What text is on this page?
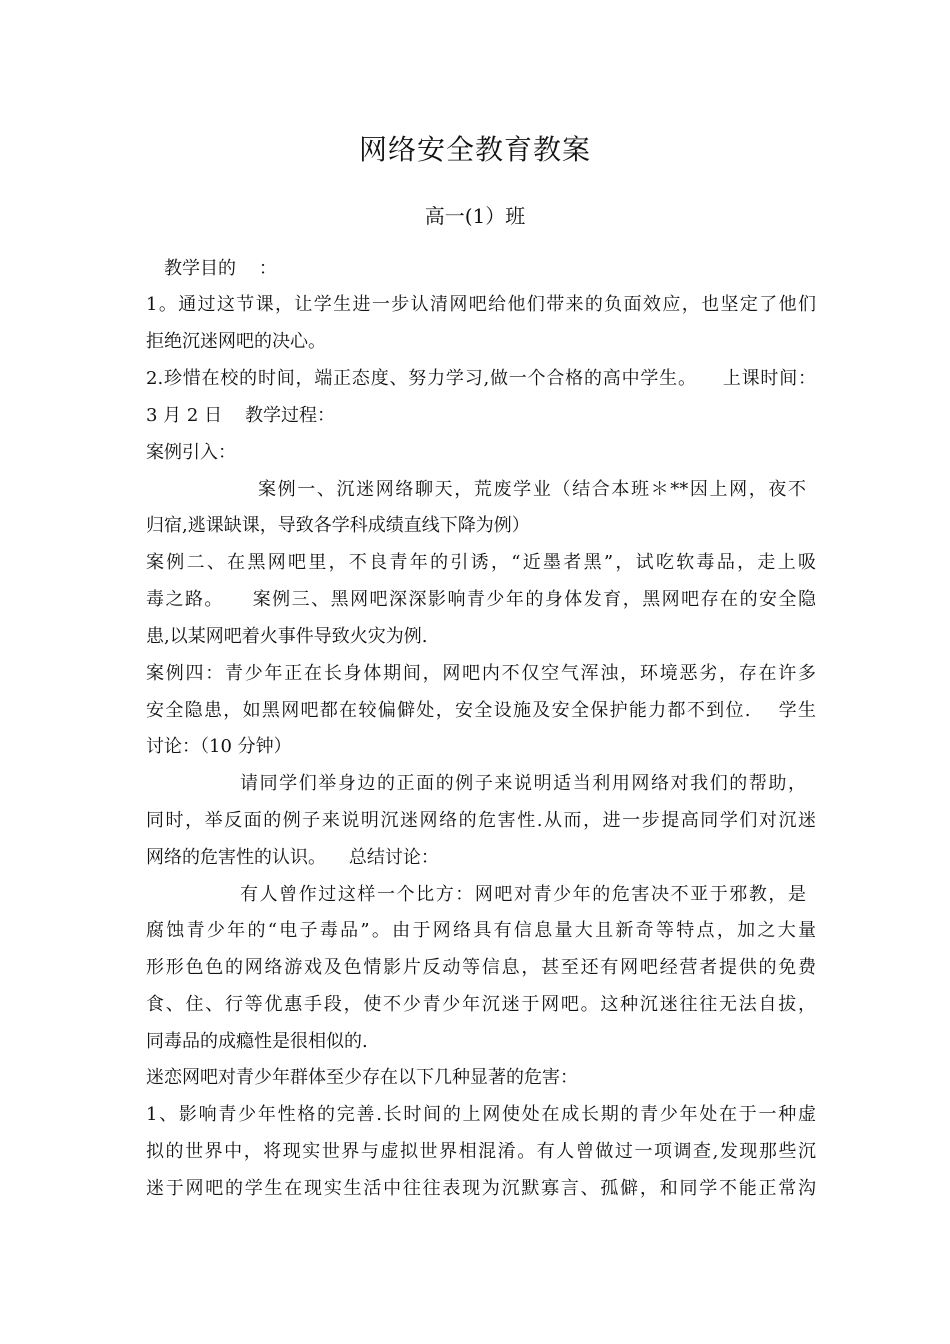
网络安全教育教案
高一(1）班
教学目的    ：
1。通过这节课，让学生进一步认清网吧给他们带来的负面效应，也坚定了他们
拒绝沉迷网吧的决心。
2.珍惜在校的时间，端正态度、努力学习,做一个合格的高中学生。    上课时间：
3 月 2 日    教学过程：
案例引入：
案例一、沉迷网络聊天，荒废学业（结合本班＊**因上网，夜不
归宿,逃课缺课，导致各学科成绩直线下降为例）
案例二、在黑网吧里，不良青年的引诱，“近墨者黑”，试吃软毒品，走上吸
毒之路。    案例三、黑网吧深深影响青少年的身体发育，黑网吧存在的安全隐
患,以某网吧着火事件导致火灾为例.
案例四：青少年正在长身体期间，网吧内不仅空气浑浊，环境恶劣，存在许多
安全隐患，如黑网吧都在较偏僻处，安全设施及安全保护能力都不到位.    学生
讨论：（10 分钟）
请同学们举身边的正面的例子来说明适当利用网络对我们的帮助，
同时，举反面的例子来说明沉迷网络的危害性.从而，进一步提高同学们对沉迷
网络的危害性的认识。    总结讨论：
有人曾作过这样一个比方：网吧对青少年的危害决不亚于邪教，是
腐蚀青少年的“电子毒品”。由于网络具有信息量大且新奇等特点，加之大量
形形色色的网络游戏及色情影片反动等信息，甚至还有网吧经营者提供的免费
食、住、行等优惠手段，使不少青少年沉迷于网吧。这种沉迷往往无法自拔，
同毒品的成瘾性是很相似的.
迷恋网吧对青少年群体至少存在以下几种显著的危害：
1、影响青少年性格的完善.长时间的上网使处在成长期的青少年处在于一种虚
拟的世界中，将现实世界与虚拟世界相混淆。有人曾做过一项调查,发现那些沉
迷于网吧的学生在现实生活中往往表现为沉默寡言、孤僻，和同学不能正常沟
